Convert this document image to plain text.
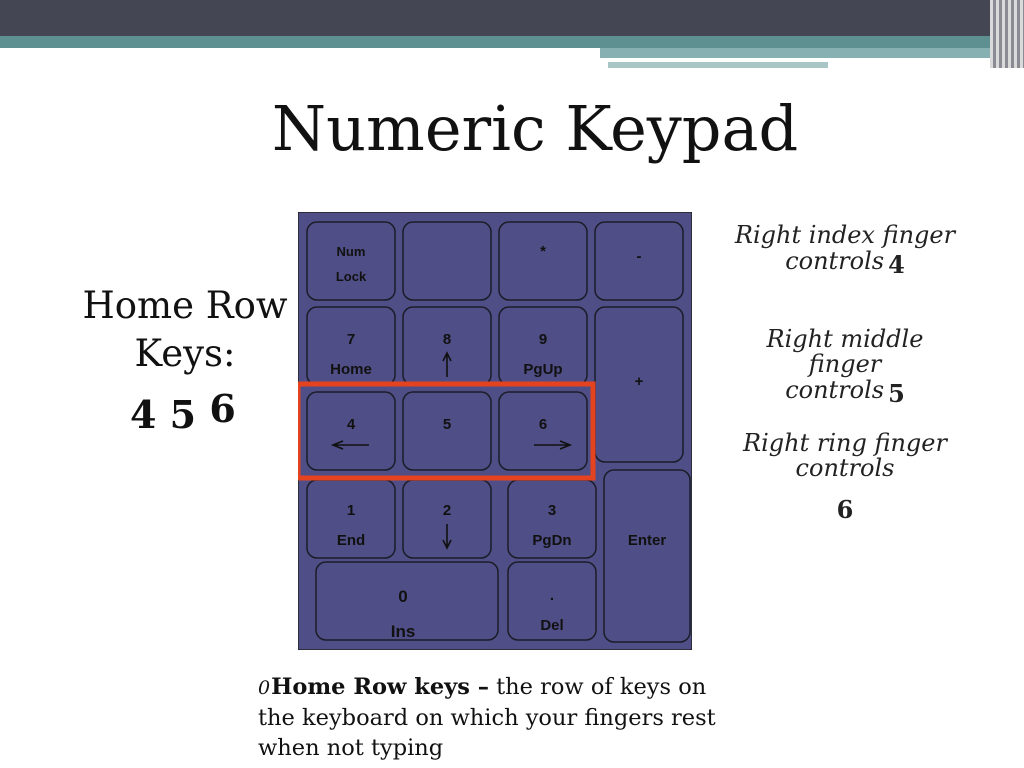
Numeric Keypad
Home Row
Keys:
4 5 6
Num
Lock
*	-
7
Home
8	9
PgUp
+
4	5	6
1
End
2	3
PgDn	Enter
0
Ins
.
Del
Right index finger
controls 4
Right middle finger
controls 5
Right ring finger
controls
6
0Home Row keys – the row of keys on the keyboard on which your fingers rest when not typing
